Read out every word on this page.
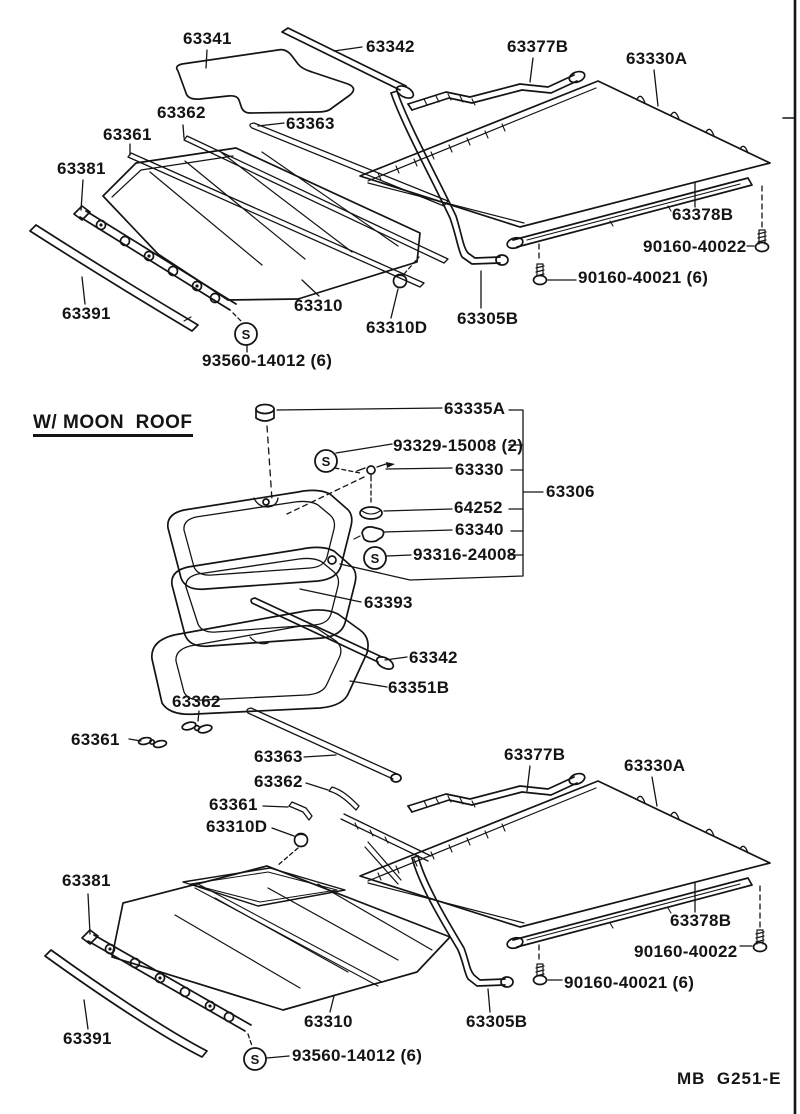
S
S
S
S
63341	63342	63377B
63330A
63362
63363
63361
63381
63378B
90160-40022
90160-40021 (6)
63391	63310
63310D 63305B
93560-14012 (6)
W/ MOON  ROOF
63335A
93329-15008 (2)
63330
63306
64252
63340
93316-24008
63393
63342
63351B
63362
63361
63363
63362
63361
63310D
63377B
63330A
63381
63378B
90160-40022
90160-40021 (6)
63391
63310	63305B
93560-14012 (6)
MB  G251-E
